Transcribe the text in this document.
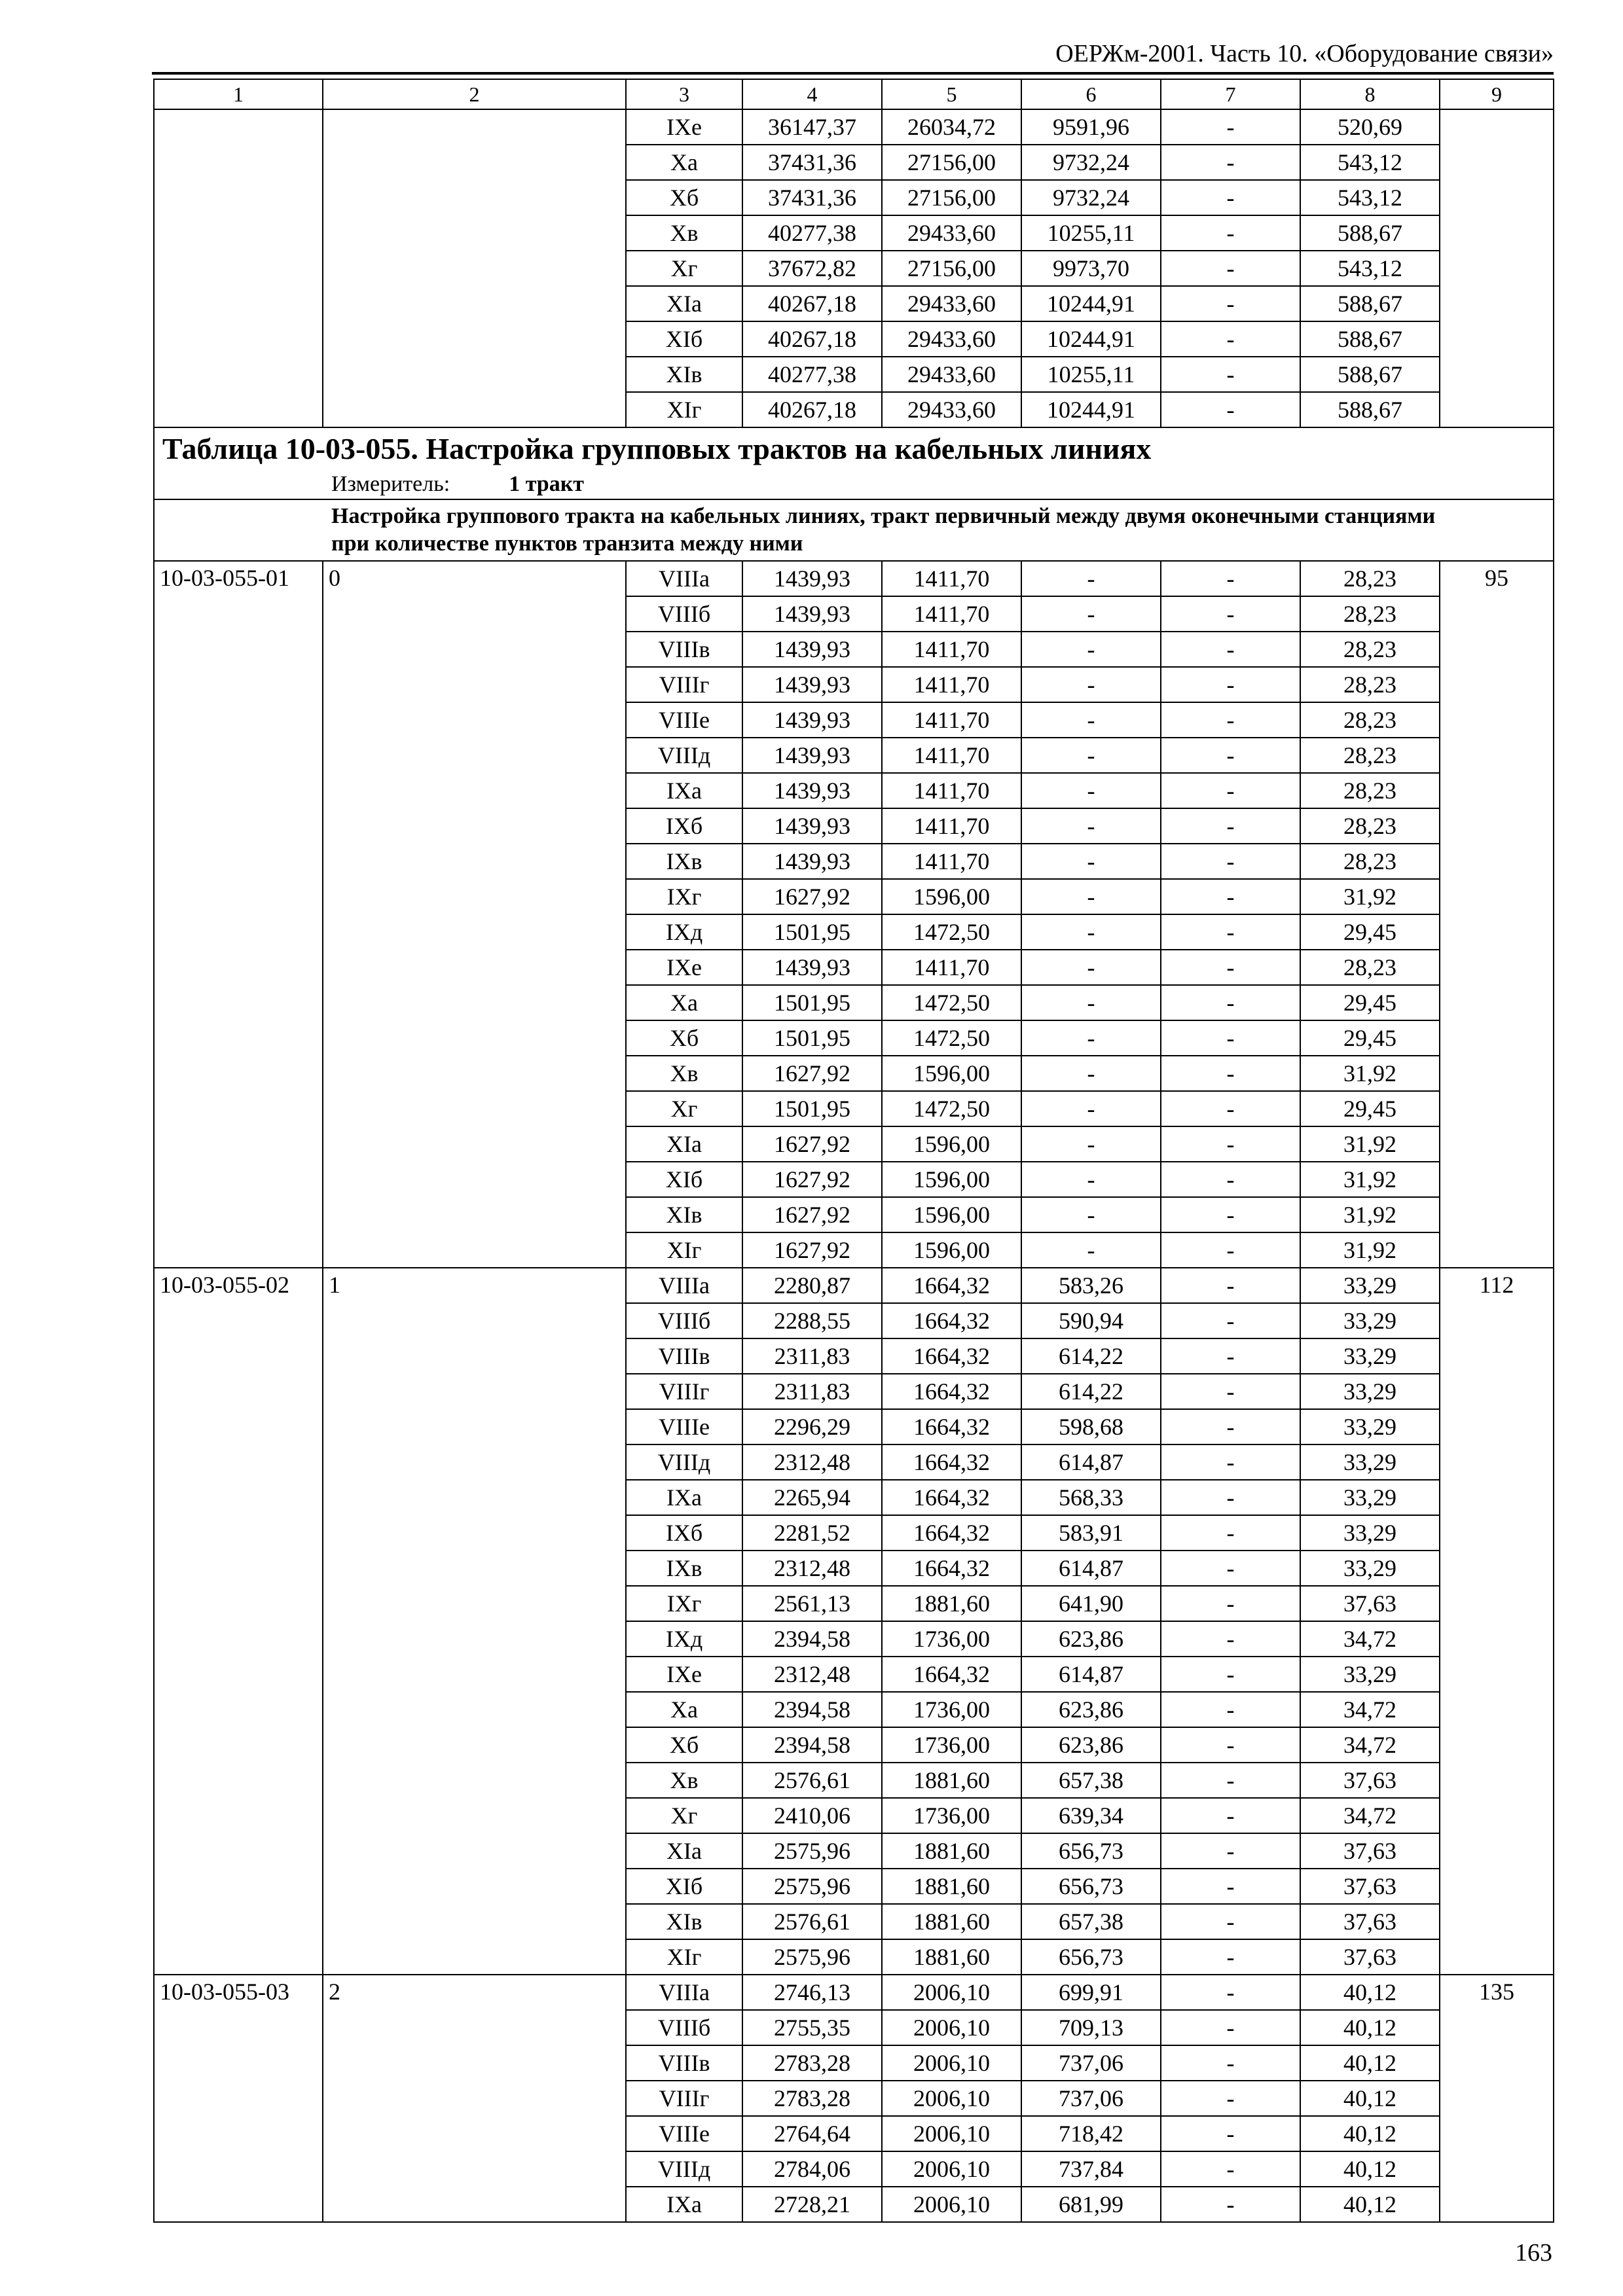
ОЕРЖм-2001. Часть 10. «Оборудование связи»
1	2	3	4	5	6	7	8	9
		IXе	36147,37	26034,72	9591,96	-	520,69	
		Xа	37431,36	27156,00	9732,24	-	543,12	
		Xб	37431,36	27156,00	9732,24	-	543,12	
		Xв	40277,38	29433,60	10255,11	-	588,67	
		Xг	37672,82	27156,00	9973,70	-	543,12	
		XIа	40267,18	29433,60	10244,91	-	588,67	
		XIб	40267,18	29433,60	10244,91	-	588,67	
		XIв	40277,38	29433,60	10255,11	-	588,67	
		XIг	40267,18	29433,60	10244,91	-	588,67	
Таблица 10-03-055. Настройка групповых трактов на кабельных линиях								
Измеритель: 1 тракт								
Настройка группового тракта на кабельных линиях, тракт первичный между двумя оконечными станциями при количестве пунктов транзита между ними								
10-03-055-01	0	VIIIа	1439,93	1411,70	-	-	28,23	95
		VIIIб	1439,93	1411,70	-	-	28,23	
		VIIIв	1439,93	1411,70	-	-	28,23	
		VIIIг	1439,93	1411,70	-	-	28,23	
		VIIIе	1439,93	1411,70	-	-	28,23	
		VIIIд	1439,93	1411,70	-	-	28,23	
		IXа	1439,93	1411,70	-	-	28,23	
		IXб	1439,93	1411,70	-	-	28,23	
		IXв	1439,93	1411,70	-	-	28,23	
		IXг	1627,92	1596,00	-	-	31,92	
		IXд	1501,95	1472,50	-	-	29,45	
		IXе	1439,93	1411,70	-	-	28,23	
		Xа	1501,95	1472,50	-	-	29,45	
		Xб	1501,95	1472,50	-	-	29,45	
		Xв	1627,92	1596,00	-	-	31,92	
		Xг	1501,95	1472,50	-	-	29,45	
		XIа	1627,92	1596,00	-	-	31,92	
		XIб	1627,92	1596,00	-	-	31,92	
		XIв	1627,92	1596,00	-	-	31,92	
		XIг	1627,92	1596,00	-	-	31,92	
10-03-055-02	1	VIIIа	2280,87	1664,32	583,26	-	33,29	112
		VIIIб	2288,55	1664,32	590,94	-	33,29	
		VIIIв	2311,83	1664,32	614,22	-	33,29	
		VIIIг	2311,83	1664,32	614,22	-	33,29	
		VIIIе	2296,29	1664,32	598,68	-	33,29	
		VIIIд	2312,48	1664,32	614,87	-	33,29	
		IXа	2265,94	1664,32	568,33	-	33,29	
		IXб	2281,52	1664,32	583,91	-	33,29	
		IXв	2312,48	1664,32	614,87	-	33,29	
		IXг	2561,13	1881,60	641,90	-	37,63	
		IXд	2394,58	1736,00	623,86	-	34,72	
		IXе	2312,48	1664,32	614,87	-	33,29	
		Xа	2394,58	1736,00	623,86	-	34,72	
		Xб	2394,58	1736,00	623,86	-	34,72	
		Xв	2576,61	1881,60	657,38	-	37,63	
		Xг	2410,06	1736,00	639,34	-	34,72	
		XIа	2575,96	1881,60	656,73	-	37,63	
		XIб	2575,96	1881,60	656,73	-	37,63	
		XIв	2576,61	1881,60	657,38	-	37,63	
		XIг	2575,96	1881,60	656,73	-	37,63	
10-03-055-03	2	VIIIа	2746,13	2006,10	699,91	-	40,12	135
		VIIIб	2755,35	2006,10	709,13	-	40,12	
		VIIIв	2783,28	2006,10	737,06	-	40,12	
		VIIIг	2783,28	2006,10	737,06	-	40,12	
		VIIIе	2764,64	2006,10	718,42	-	40,12	
		VIIIд	2784,06	2006,10	737,84	-	40,12	
		IXа	2728,21	2006,10	681,99	-	40,12	
163
